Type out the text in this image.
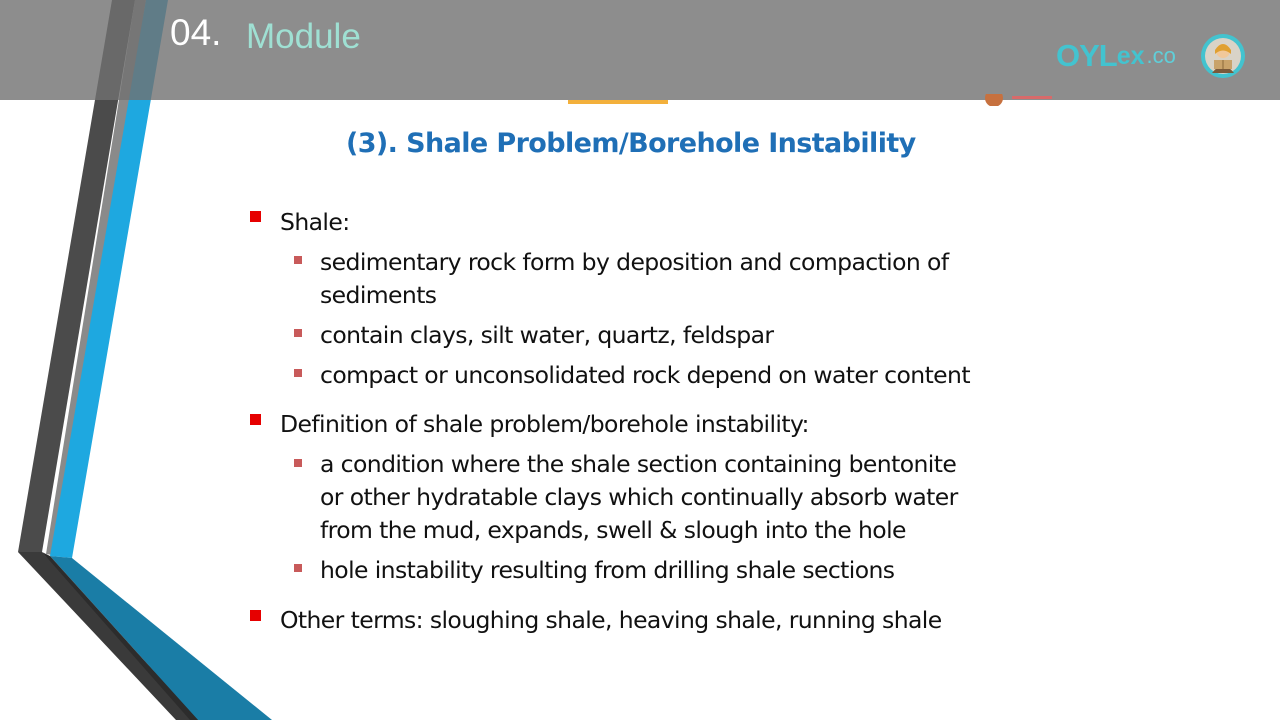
04. Module	OYL ex .co
(3). Shale Problem/Borehole Instability
Shale:
sedimentary rock form by deposition and compaction of
sediments
contain clays, silt water, quartz, feldspar
compact or unconsolidated rock depend on water content
Definition of shale problem/borehole instability:
a condition where the shale section containing bentonite
or other hydratable clays which continually absorb water
from the mud, expands, swell & slough into the hole
hole instability resulting from drilling shale sections
Other terms: sloughing shale, heaving shale, running shale
